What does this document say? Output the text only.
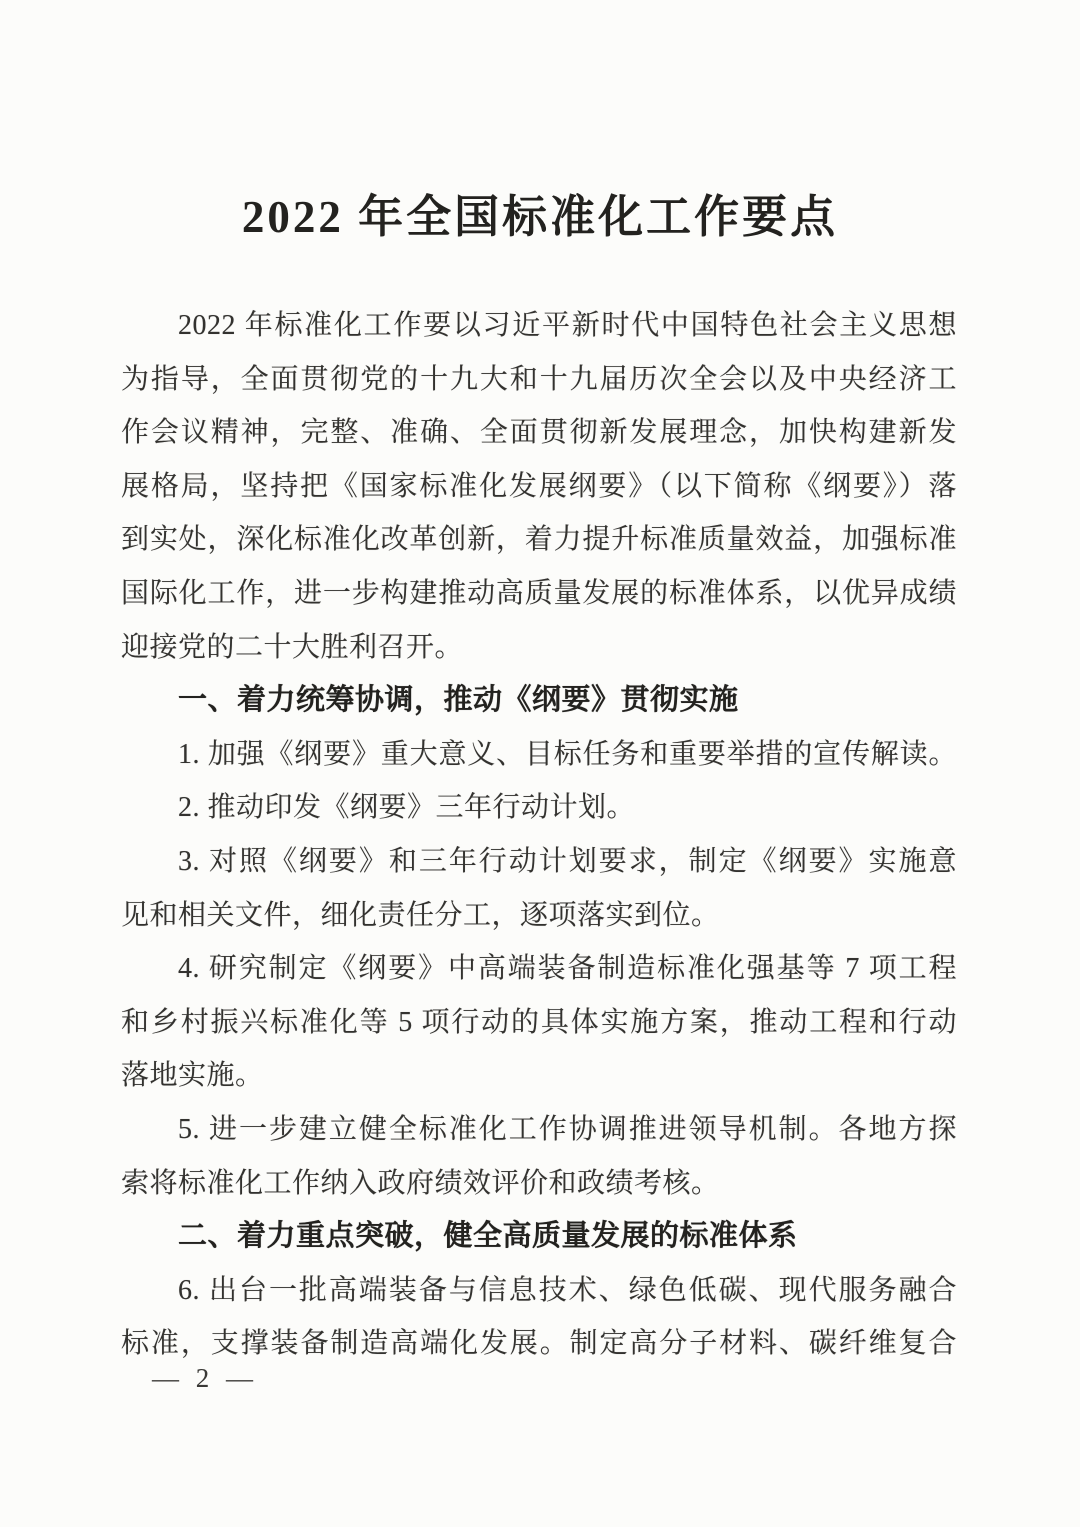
2022 年全国标准化工作要点

2022 年标准化工作要以习近平新时代中国特色社会主义思想

为指导，全面贯彻党的十九大和十九届历次全会以及中央经济工

作会议精神，完整、准确、全面贯彻新发展理念，加快构建新发

展格局，坚持把《国家标准化发展纲要》（以下简称《纲要》）落

到实处，深化标准化改革创新，着力提升标准质量效益，加强标准

国际化工作，进一步构建推动高质量发展的标准体系，以优异成绩

迎接党的二十大胜利召开。

一、着力统筹协调，推动《纲要》贯彻实施

1. 加强《纲要》重大意义、目标任务和重要举措的宣传解读。

2. 推动印发《纲要》三年行动计划。

3. 对照《纲要》和三年行动计划要求，制定《纲要》实施意

见和相关文件，细化责任分工，逐项落实到位。

4. 研究制定《纲要》中高端装备制造标准化强基等 7 项工程

和乡村振兴标准化等 5 项行动的具体实施方案，推动工程和行动

落地实施。

5. 进一步建立健全标准化工作协调推进领导机制。各地方探

索将标准化工作纳入政府绩效评价和政绩考核。

二、着力重点突破，健全高质量发展的标准体系

6. 出台一批高端装备与信息技术、绿色低碳、现代服务融合

标准，支撑装备制造高端化发展。制定高分子材料、碳纤维复合

— 2 —
